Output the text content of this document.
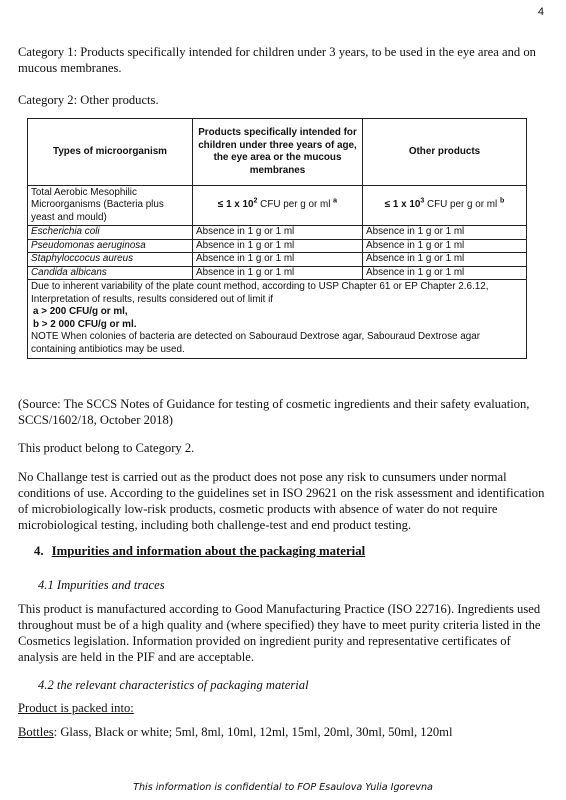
4

Category 1: Products specifically intended for children under 3 years, to be used in the eye area and on mucous membranes.

Category 2: Other products.

Types of microorganism	Products specifically intended for children under three years of age, the eye area or the mucous membranes	Other products
Total Aerobic Mesophilic Microorganisms (Bacteria plus yeast and mould)	≤ 1 x $10^2$ CFU per g or ml $^a$	≤ 1 x $10^3$ CFU per g or ml $^b$
Escherichia coli	Absence in 1 g or 1 ml	Absence in 1 g or 1 ml
Pseudomonas aeruginosa	Absence in 1 g or 1 ml	Absence in 1 g or 1 ml
Staphyloccocus aureus	Absence in 1 g or 1 ml	Absence in 1 g or 1 ml
Candida albicans	Absence in 1 g or 1 ml	Absence in 1 g or 1 ml

Due to inherent variability of the plate count method, according to USP Chapter 61 or EP Chapter 2.6.12, Interpretation of results, results considered out of limit if
a > 200 CFU/g or ml,
b > 2 000 CFU/g or ml.
NOTE When colonies of bacteria are detected on Sabouraud Dextrose agar, Sabouraud Dextrose agar containing antibiotics may be used.		

(Source: The SCCS Notes of Guidance for testing of cosmetic ingredients and their safety evaluation, SCCS/1602/18, October 2018)

This product belong to Category 2.

No Challange test is carried out as the product does not pose any risk to cunsumers under normal conditions of use. According to the guidelines set in ISO 29621 on the risk assessment and identification of microbiologically low-risk products, cosmetic products with absence of water do not require microbiological testing, including both challenge-test and end product testing.

4. Impurities and information about the packaging material
4.1 Impurities and traces

This product is manufactured according to Good Manufacturing Practice (ISO 22716). Ingredients used throughout must be of a high quality and (where specified) they have to meet purity criteria listed in the Cosmetics legislation. Information provided on ingredient purity and representative certificates of analysis are held in the PIF and are acceptable.

4.2 the relevant characteristics of packaging material

Product is packed into:

Bottles: Glass, Black or white; 5ml, 8ml, 10ml, 12ml, 15ml, 20ml, 30ml, 50ml, 120ml

This information is confidential to FOP Esaulova Yulia Igorevna
